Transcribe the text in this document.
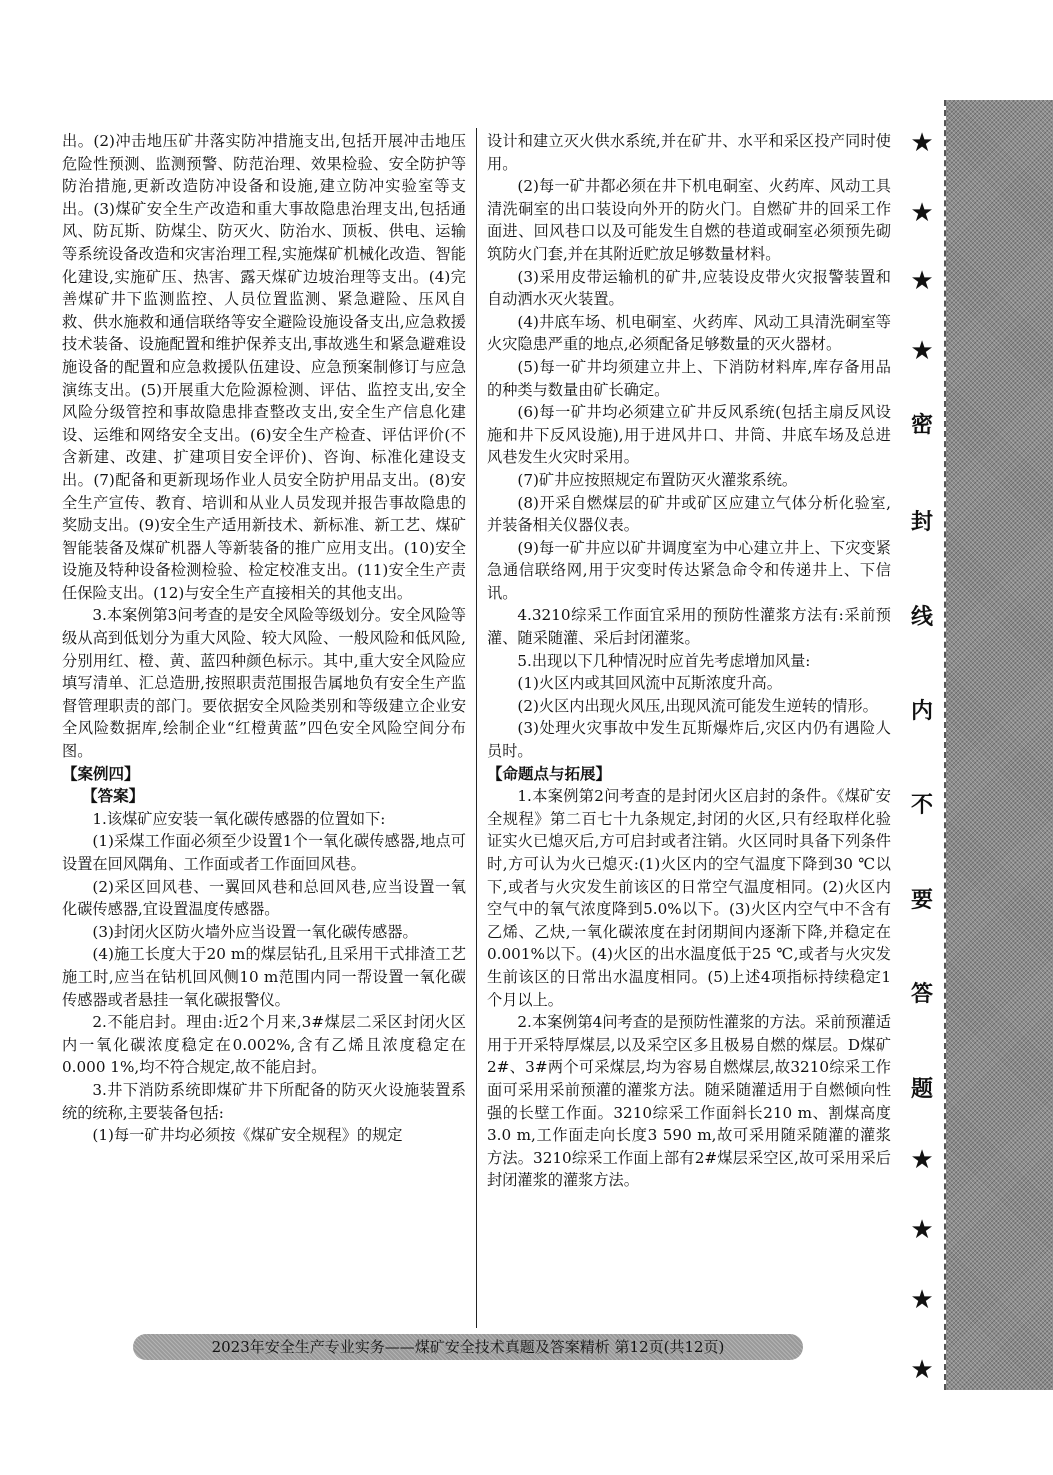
出。(2)冲击地压矿井落实防冲措施支出,包括开展冲击地压危险性预测、监测预警、防范治理、效果检验、安全防护等防治措施,更新改造防冲设备和设施,建立防冲实验室等支出。(3)煤矿安全生产改造和重大事故隐患治理支出,包括通风、防瓦斯、防煤尘、防灭火、防治水、顶板、供电、运输等系统设备改造和灾害治理工程,实施煤矿机械化改造、智能化建设,实施矿压、热害、露天煤矿边坡治理等支出。(4)完善煤矿井下监测监控、人员位置监测、紧急避险、压风自救、供水施救和通信联络等安全避险设施设备支出,应急救援技术装备、设施配置和维护保养支出,事故逃生和紧急避难设施设备的配置和应急救援队伍建设、应急预案制修订与应急演练支出。(5)开展重大危险源检测、评估、监控支出,安全风险分级管控和事故隐患排查整改支出,安全生产信息化建设、运维和网络安全支出。(6)安全生产检查、评估评价(不含新建、改建、扩建项目安全评价)、咨询、标准化建设支出。(7)配备和更新现场作业人员安全防护用品支出。(8)安全生产宣传、教育、培训和从业人员发现并报告事故隐患的奖励支出。(9)安全生产适用新技术、新标准、新工艺、煤矿智能装备及煤矿机器人等新装备的推广应用支出。(10)安全设施及特种设备检测检验、检定校准支出。(11)安全生产责任保险支出。(12)与安全生产直接相关的其他支出。

3.本案例第3问考查的是安全风险等级划分。安全风险等级从高到低划分为重大风险、较大风险、一般风险和低风险,分别用红、橙、黄、蓝四种颜色标示。其中,重大安全风险应填写清单、汇总造册,按照职责范围报告属地负有安全生产监督管理职责的部门。要依据安全风险类别和等级建立企业安全风险数据库,绘制企业“红橙黄蓝”四色安全风险空间分布图。

【案例四】

【答案】

1.该煤矿应安装一氧化碳传感器的位置如下:

(1)采煤工作面必须至少设置1个一氧化碳传感器,地点可设置在回风隅角、工作面或者工作面回风巷。

(2)采区回风巷、一翼回风巷和总回风巷,应当设置一氧化碳传感器,宜设置温度传感器。

(3)封闭火区防火墙外应当设置一氧化碳传感器。

(4)施工长度大于20 m的煤层钻孔,且采用干式排渣工艺施工时,应当在钻机回风侧10 m范围内同一帮设置一氧化碳传感器或者悬挂一氧化碳报警仪。

2.不能启封。理由:近2个月来,3#煤层二采区封闭火区内一氧化碳浓度稳定在0.002%,含有乙烯且浓度稳定在0.000 1%,均不符合规定,故不能启封。

3.井下消防系统即煤矿井下所配备的防灭火设施装置系统的统称,主要装备包括:

(1)每一矿井均必须按《煤矿安全规程》的规定

设计和建立灭火供水系统,并在矿井、水平和采区投产同时使用。

(2)每一矿井都必须在井下机电硐室、火药库、风动工具清洗硐室的出口装设向外开的防火门。自燃矿井的回采工作面进、回风巷口以及可能发生自燃的巷道或硐室必须预先砌筑防火门套,并在其附近贮放足够数量材料。

(3)采用皮带运输机的矿井,应装设皮带火灾报警装置和自动洒水灭火装置。

(4)井底车场、机电硐室、火药库、风动工具清洗硐室等火灾隐患严重的地点,必须配备足够数量的灭火器材。

(5)每一矿井均须建立井上、下消防材料库,库存备用品的种类与数量由矿长确定。

(6)每一矿井均必须建立矿井反风系统(包括主扇反风设施和井下反风设施),用于进风井口、井筒、井底车场及总进风巷发生火灾时采用。

(7)矿井应按照规定布置防灭火灌浆系统。

(8)开采自燃煤层的矿井或矿区应建立气体分析化验室,并装备相关仪器仪表。

(9)每一矿井应以矿井调度室为中心建立井上、下灾变紧急通信联络网,用于灾变时传达紧急命令和传递井上、下信讯。

4.3210综采工作面宜采用的预防性灌浆方法有:采前预灌、随采随灌、采后封闭灌浆。

5.出现以下几种情况时应首先考虑增加风量:

(1)火区内或其回风流中瓦斯浓度升高。

(2)火区内出现火风压,出现风流可能发生逆转的情形。

(3)处理火灾事故中发生瓦斯爆炸后,灾区内仍有遇险人员时。

【命题点与拓展】

1.本案例第2问考查的是封闭火区启封的条件。《煤矿安全规程》第二百七十九条规定,封闭的火区,只有经取样化验证实火已熄灭后,方可启封或者注销。火区同时具备下列条件时,方可认为火已熄灭:(1)火区内的空气温度下降到30 ℃以下,或者与火灾发生前该区的日常空气温度相同。(2)火区内空气中的氧气浓度降到5.0%以下。(3)火区内空气中不含有乙烯、乙炔,一氧化碳浓度在封闭期间内逐渐下降,并稳定在0.001%以下。(4)火区的出水温度低于25 ℃,或者与火灾发生前该区的日常出水温度相同。(5)上述4项指标持续稳定1个月以上。

2.本案例第4问考查的是预防性灌浆的方法。采前预灌适用于开采特厚煤层,以及采空区多且极易自燃的煤层。D煤矿2#、3#两个可采煤层,均为容易自燃煤层,故3210综采工作面可采用采前预灌的灌浆方法。随采随灌适用于自燃倾向性强的长壁工作面。3210综采工作面斜长210 m、割煤高度3.0 m,工作面走向长度3 590 m,故可采用随采随灌的灌浆方法。3210综采工作面上部有2#煤层采空区,故可采用采后封闭灌浆的灌浆方法。

★
★
★
★
密
封
线
内
不
要
答
题
★
★
★
★
2023年安全生产专业实务——煤矿安全技术真题及答案精析 第12页(共12页)
